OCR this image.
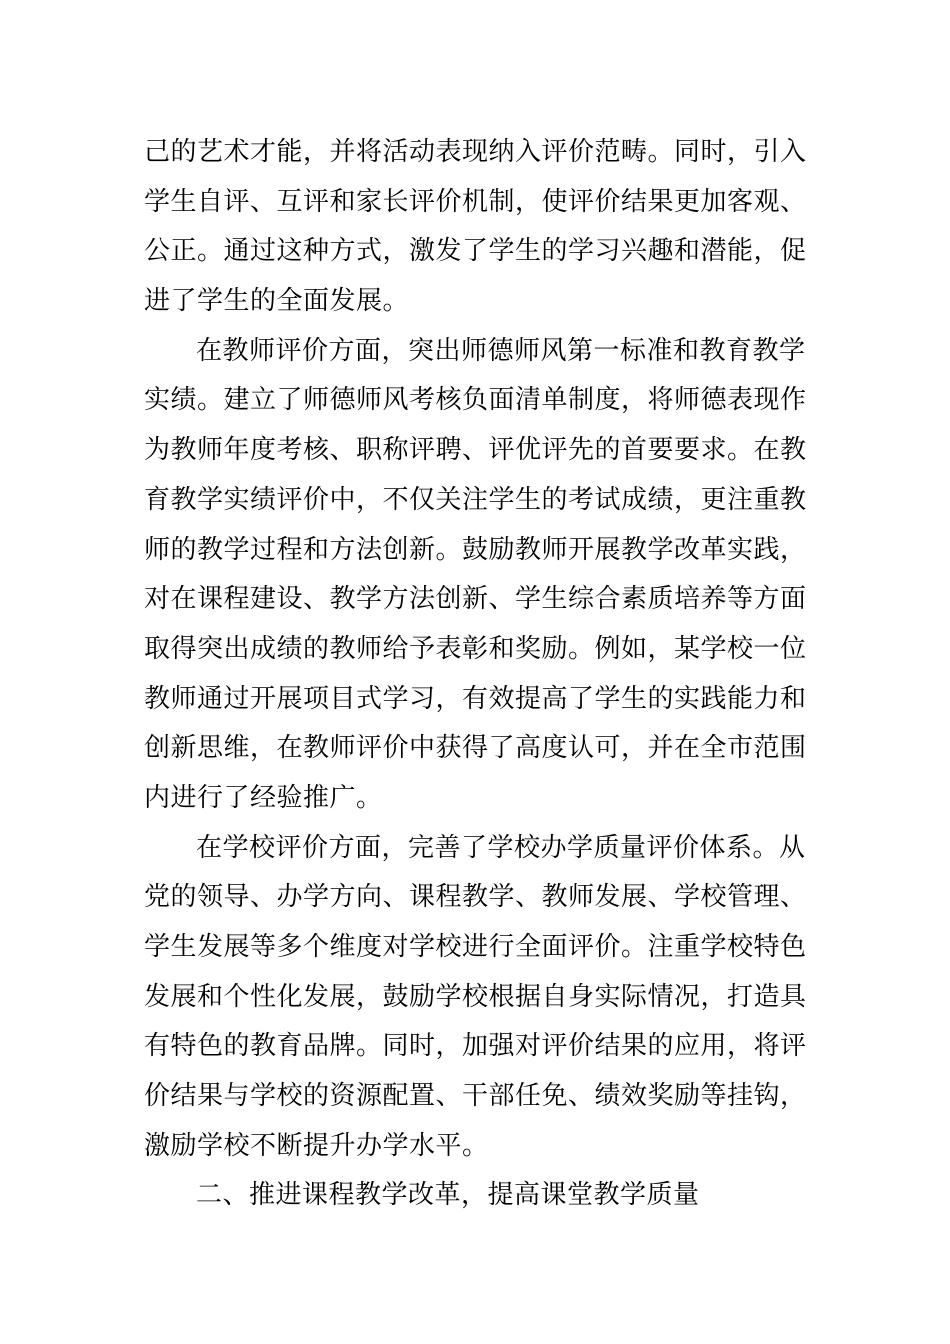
己的艺术才能，并将活动表现纳入评价范畴。同时，引入
学生自评、互评和家长评价机制，使评价结果更加客观、
公正。通过这种方式，激发了学生的学习兴趣和潜能，促
进了学生的全面发展。
在教师评价方面，突出师德师风第一标准和教育教学
实绩。建立了师德师风考核负面清单制度，将师德表现作
为教师年度考核、职称评聘、评优评先的首要要求。在教
育教学实绩评价中，不仅关注学生的考试成绩，更注重教
师的教学过程和方法创新。鼓励教师开展教学改革实践，
对在课程建设、教学方法创新、学生综合素质培养等方面
取得突出成绩的教师给予表彰和奖励。例如，某学校一位
教师通过开展项目式学习，有效提高了学生的实践能力和
创新思维，在教师评价中获得了高度认可，并在全市范围
内进行了经验推广。
在学校评价方面，完善了学校办学质量评价体系。从
党的领导、办学方向、课程教学、教师发展、学校管理、
学生发展等多个维度对学校进行全面评价。注重学校特色
发展和个性化发展，鼓励学校根据自身实际情况，打造具
有特色的教育品牌。同时，加强对评价结果的应用，将评
价结果与学校的资源配置、干部任免、绩效奖励等挂钩，
激励学校不断提升办学水平。
二、推进课程教学改革，提高课堂教学质量
